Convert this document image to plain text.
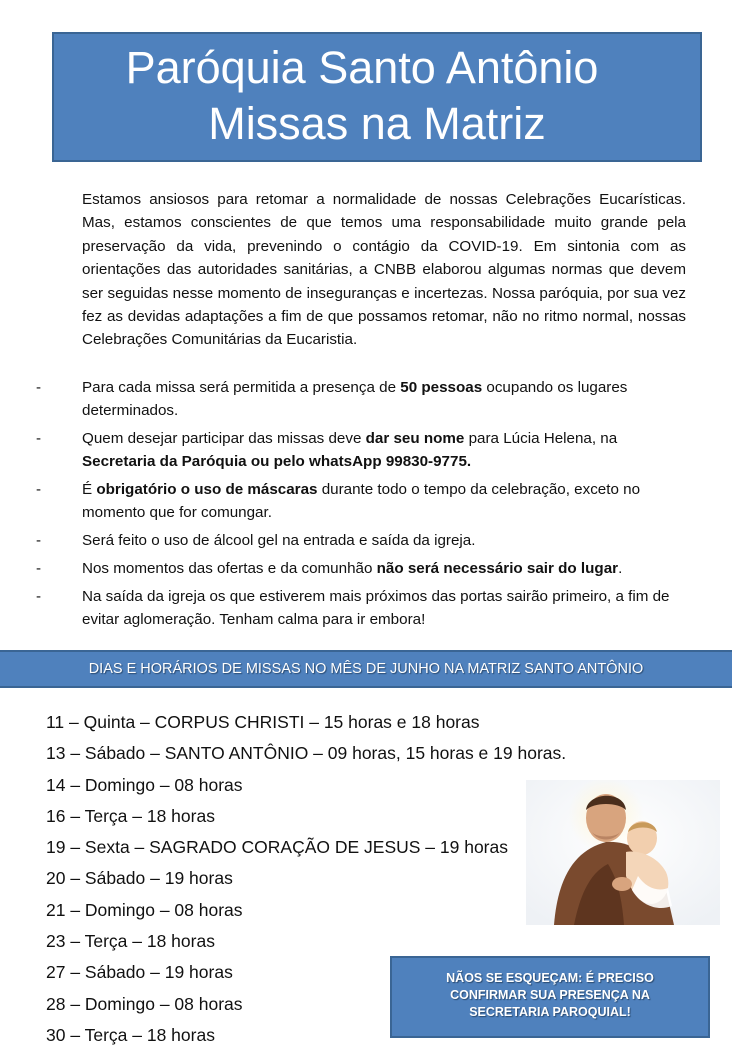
Paróquia Santo Antônio
Missas na Matriz
Estamos ansiosos para retomar a normalidade de nossas Celebrações Eucarísticas. Mas, estamos conscientes de que temos uma responsabilidade muito grande pela preservação da vida, prevenindo o contágio da COVID-19. Em sintonia com as orientações das autoridades sanitárias, a CNBB elaborou algumas normas que devem ser seguidas nesse momento de inseguranças e incertezas. Nossa paróquia, por sua vez fez as devidas adaptações a fim de que possamos retomar, não no ritmo normal, nossas Celebrações Comunitárias da Eucaristia.
-	Para cada missa será permitida a presença de 50 pessoas ocupando os lugares determinados.
-	Quem desejar participar das missas deve dar seu nome para Lúcia Helena, na Secretaria da Paróquia ou pelo whatsApp 99830-9775.
-	É obrigatório o uso de máscaras durante todo o tempo da celebração, exceto no momento que for comungar.
-	Será feito o uso de álcool gel na entrada e saída da igreja.
-	Nos momentos das ofertas e da comunhão não será necessário sair do lugar.
-	Na saída da igreja os que estiverem mais próximos das portas sairão primeiro, a fim de evitar aglomeração. Tenham calma para ir embora!
DIAS E HORÁRIOS DE MISSAS NO MÊS DE JUNHO NA MATRIZ SANTO ANTÔNIO
11 – Quinta – CORPUS CHRISTI – 15 horas e 18 horas
13 – Sábado – SANTO ANTÔNIO – 09 horas, 15 horas e 19 horas.
14 – Domingo – 08 horas
16 – Terça – 18 horas
19 – Sexta – SAGRADO CORAÇÃO DE JESUS – 19 horas
20 – Sábado – 19 horas
21 – Domingo – 08 horas
23 – Terça – 18 horas
27 – Sábado – 19 horas
28 – Domingo – 08 horas
30 – Terça – 18 horas
NÃOS SE ESQUEÇAM: É PRECISO
CONFIRMAR SUA PRESENÇA NA
SECRETARIA PAROQUIAL!
